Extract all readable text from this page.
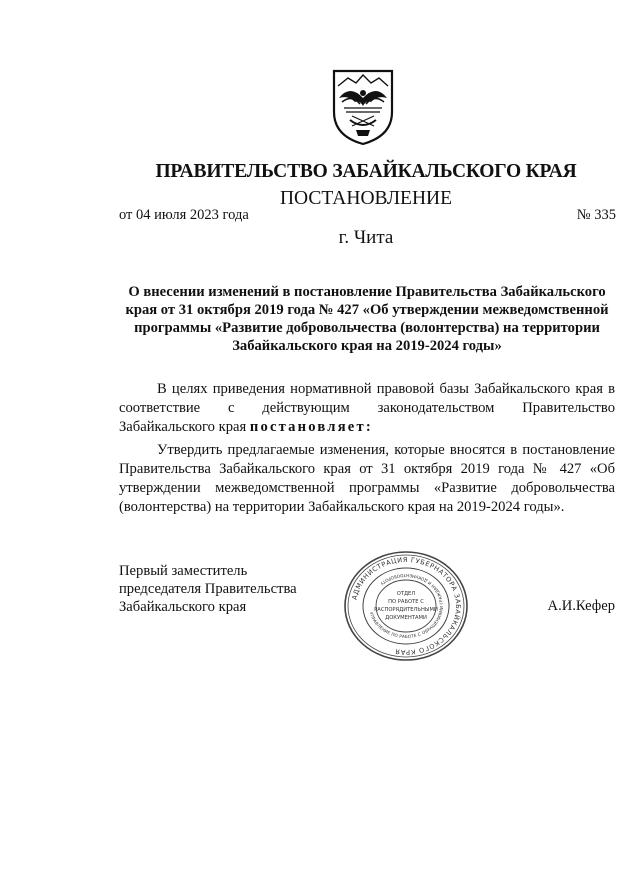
ПРАВИТЕЛЬСТВО ЗАБАЙКАЛЬСКОГО КРАЯ
ПОСТАНОВЛЕНИЕ
от 04 июля 2023 года	№ 335
г. Чита
О внесении изменений в постановление Правительства Забайкальского края от 31 октября 2019 года № 427 «Об утверждении межведомственной программы «Развитие добровольчества (волонтерства) на территории Забайкальского края на 2019-2024 годы»
В целях приведения нормативной правовой базы Забайкальского края в соответствие с действующим законодательством Правительство Забайкальского края постановляет:
Утвердить предлагаемые изменения, которые вносятся в постановление Правительства Забайкальского края от 31 октября 2019 года № 427 «Об утверждении межведомственной программы «Развитие добровольчества (волонтерства) на территории Забайкальского края на 2019-2024 годы».
Первый заместитель
председателя Правительства
Забайкальского края	А.И.Кефер
АДМИНИСТРАЦИЯ ГУБЕРНАТОРА ЗАБАЙКАЛЬСКОГО КРАЯ
УПРАВЛЕНИЕ ПО РАБОТЕ С ОБРАЩЕНИЯМИ ГРАЖДАН И ДОКУМЕНТООБОРОТУ
ОТДЕЛ
ПО РАБОТЕ С
РАСПОРЯДИТЕЛЬНЫМИ
ДОКУМЕНТАМИ
